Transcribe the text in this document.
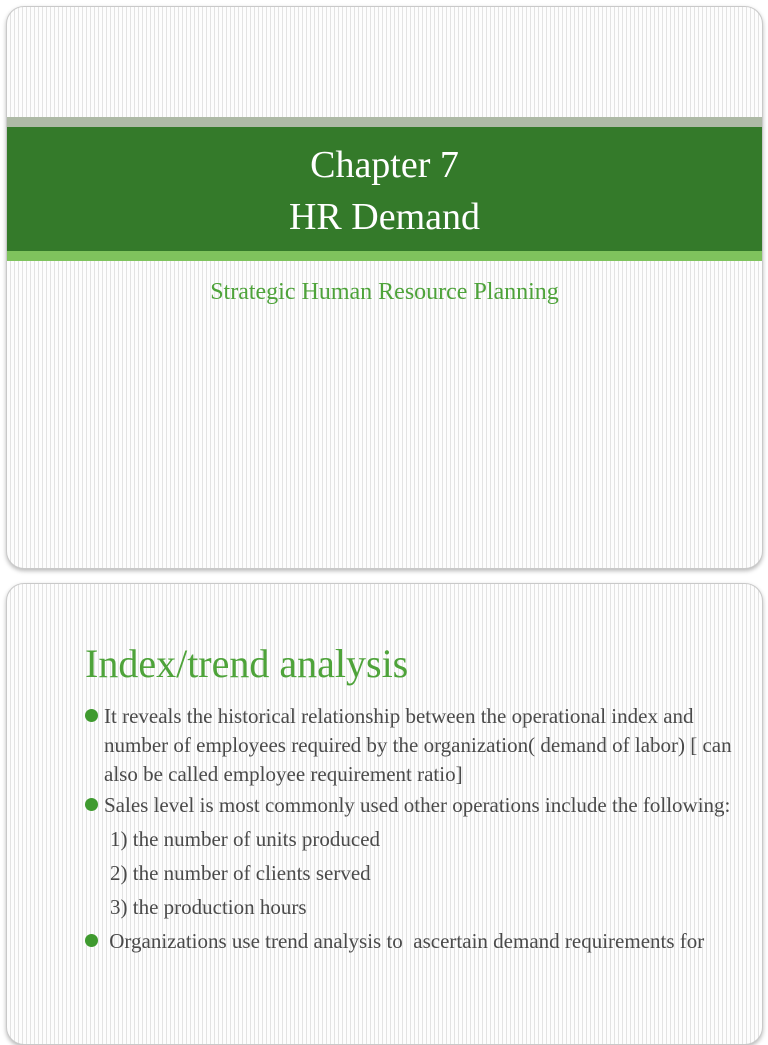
Chapter 7
HR Demand
Strategic Human Resource Planning
Index/trend analysis
It reveals the historical relationship between the operational index and number of employees required by the organization( demand of labor) [ can also be called employee requirement ratio]
Sales level is most commonly used other operations include the following:
1) the number of units produced
2) the number of clients served
3) the production hours
Organizations use trend analysis to  ascertain demand requirements for
